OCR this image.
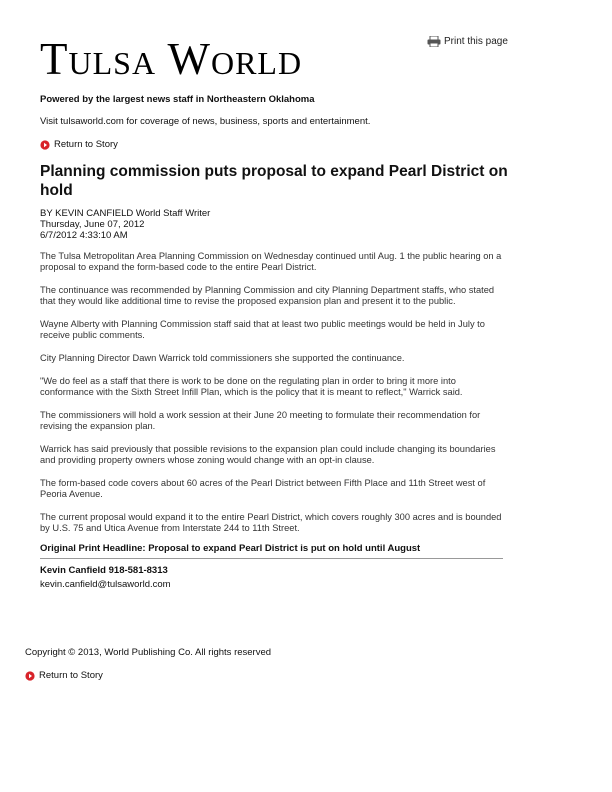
Tulsa World	Print this page
Powered by the largest news staff in Northeastern Oklahoma
Visit tulsaworld.com for coverage of news, business, sports and entertainment.
Return to Story
Planning commission puts proposal to expand Pearl District on hold
BY KEVIN CANFIELD World Staff Writer
Thursday, June 07, 2012
6/7/2012 4:33:10 AM

The Tulsa Metropolitan Area Planning Commission on Wednesday continued until Aug. 1 the public hearing on a proposal to expand the form-based code to the entire Pearl District.

The continuance was recommended by Planning Commission and city Planning Department staffs, who stated that they would like additional time to revise the proposed expansion plan and present it to the public.

Wayne Alberty with Planning Commission staff said that at least two public meetings would be held in July to receive public comments.

City Planning Director Dawn Warrick told commissioners she supported the continuance.

"We do feel as a staff that there is work to be done on the regulating plan in order to bring it more into conformance with the Sixth Street Infill Plan, which is the policy that it is meant to reflect," Warrick said.

The commissioners will hold a work session at their June 20 meeting to formulate their recommendation for revising the expansion plan.

Warrick has said previously that possible revisions to the expansion plan could include changing its boundaries and providing property owners whose zoning would change with an opt-in clause.

The form-based code covers about 60 acres of the Pearl District between Fifth Place and 11th Street west of Peoria Avenue.

The current proposal would expand it to the entire Pearl District, which covers roughly 300 acres and is bounded by U.S. 75 and Utica Avenue from Interstate 244 to 11th Street.

Original Print Headline: Proposal to expand Pearl District is put on hold until August
Kevin Canfield 918-581-8313
kevin.canfield@tulsaworld.com
Copyright © 2013, World Publishing Co. All rights reserved
Return to Story
